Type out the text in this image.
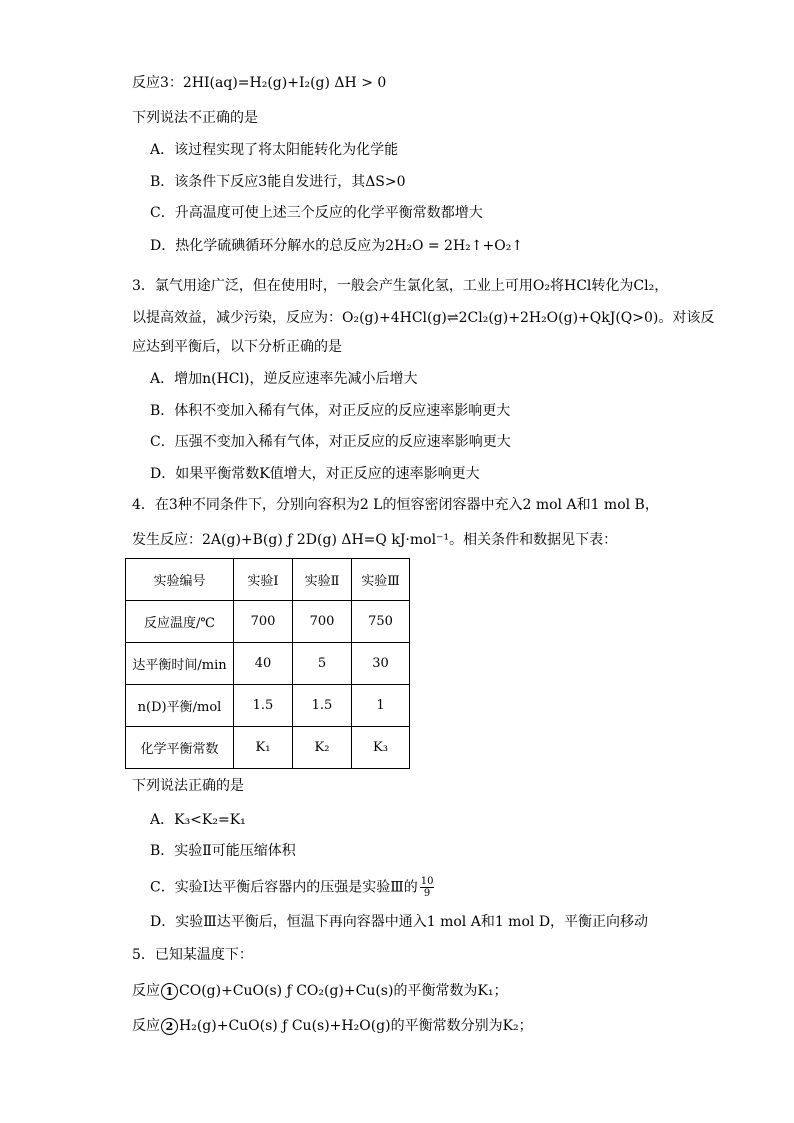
反应3：2HI(aq)=H₂(g)+I₂(g) ΔH > 0
下列说法不正确的是
A．该过程实现了将太阳能转化为化学能
B．该条件下反应3能自发进行，其ΔS>0
C．升高温度可使上述三个反应的化学平衡常数都增大
D．热化学硫碘循环分解水的总反应为2H₂O = 2H₂↑+O₂↑
3．氯气用途广泛，但在使用时，一般会产生氯化氢，工业上可用O₂将HCl转化为Cl₂，
以提高效益，减少污染，反应为：O₂(g)+4HCl(g)⇌2Cl₂(g)+2H₂O(g)+QkJ(Q>0)。对该反
应达到平衡后，以下分析正确的是
A．增加n(HCl)，逆反应速率先减小后增大
B．体积不变加入稀有气体，对正反应的反应速率影响更大
C．压强不变加入稀有气体，对正反应的反应速率影响更大
D．如果平衡常数K值增大，对正反应的速率影响更大
4．在3种不同条件下，分别向容积为2 L的恒容密闭容器中充入2 mol A和1 mol B，
发生反应：2A(g)+B(g) ƒ 2D(g) ΔH=Q kJ·mol⁻¹。相关条件和数据见下表：
实验编号	实验Ⅰ	实验Ⅱ	实验Ⅲ
反应温度/℃	700	700	750
达平衡时间/min	40	5	30
n(D)平衡/mol	1.5	1.5	1
化学平衡常数	K₁	K₂	K₃
下列说法正确的是
A．K₃<K₂=K₁
B．实验Ⅱ可能压缩体积
C．实验Ⅰ达平衡后容器内的压强是实验Ⅲ的 $\frac{10}{9}$
D．实验Ⅲ达平衡后，恒温下再向容器中通入1 mol A和1 mol D，平衡正向移动
5．已知某温度下：
反应 1 CO(g)+CuO(s) ƒ CO₂(g)+Cu(s)的平衡常数为K₁；
反应 2 H₂(g)+CuO(s) ƒ Cu(s)+H₂O(g)的平衡常数分别为K₂；
